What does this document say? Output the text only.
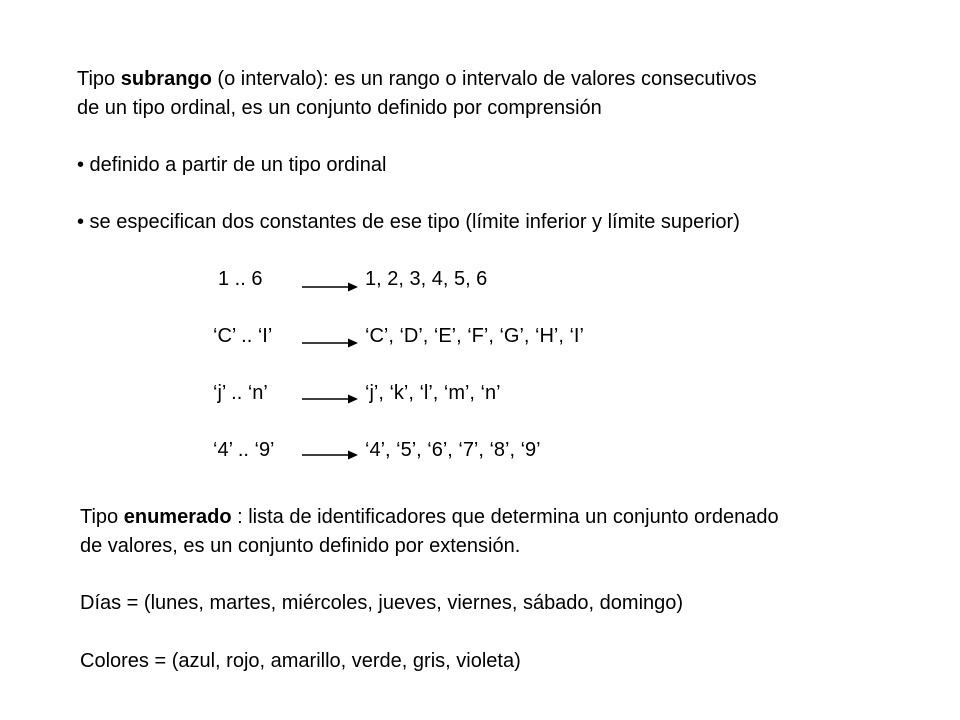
Tipo subrango (o intervalo): es un rango o intervalo de valores consecutivos
de un tipo ordinal, es un conjunto definido por comprensión
• definido a partir de un tipo ordinal
• se especifican dos constantes de ese tipo (límite inferior y límite superior)
1 .. 6	1, 2, 3, 4, 5, 6
‘C’ .. ‘I’	‘C’, ‘D’, ‘E’, ‘F’, ‘G’, ‘H’, ‘I’
‘j’ .. ‘n’	‘j’, ‘k’, ‘l’, ‘m’, ‘n’
‘4’ .. ‘9’	‘4’, ‘5’, ‘6’, ‘7’, ‘8’, ‘9’
Tipo enumerado : lista de identificadores que determina un conjunto ordenado
de valores, es un conjunto definido por extensión.
Días = (lunes, martes, miércoles, jueves, viernes, sábado, domingo)
Colores = (azul, rojo, amarillo, verde, gris, violeta)
